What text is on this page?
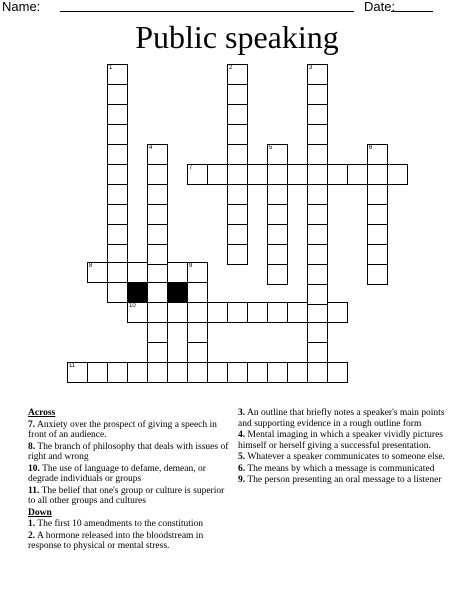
Name:	Date:
Public speaking
1
8	9
4
10
11
2	3
5	6
7

Across

7. Anxiety over the prospect of giving a speech in front of an audience.

8. The branch of philosophy that deals with issues of right and wrong

10. The use of language to defame, demean, or degrade individuals or groups

11. The belief that one's group or culture is superior to all other groups and cultures

Down

1. The first 10 amendments to the constitution

2. A hormone released into the bloodstream in response to physical or mental stress.

3. An outline that briefly notes a speaker's main points and supporting evidence in a rough outline form

4. Mental imaging in which a speaker vividly pictures himself or herself giving a successful presentation.

5. Whatever a speaker communicates to someone else.

6. The means by which a message is communicated

9. The person presenting an oral message to a listener
